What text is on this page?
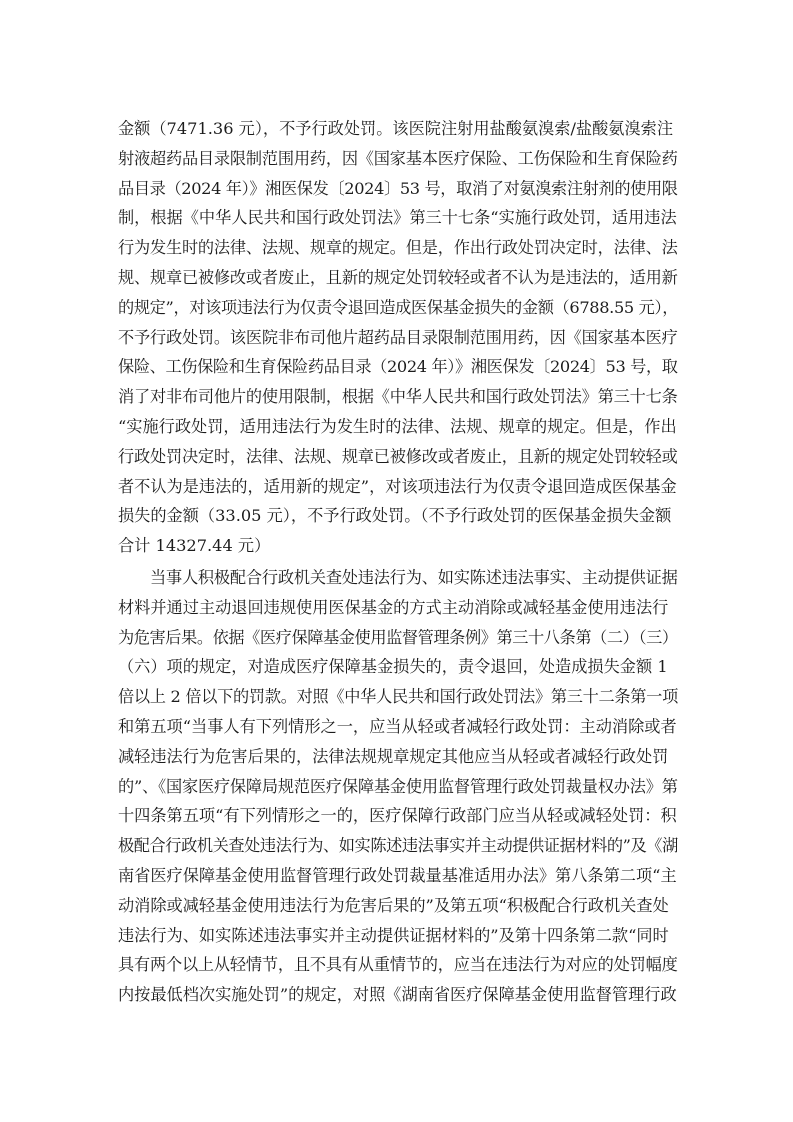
金额（7471.36 元），不予行政处罚。该医院注射用盐酸氨溴索/盐酸氨溴索注
射液超药品目录限制范围用药，因《国家基本医疗保险、工伤保险和生育保险药
品目录（2024 年）》湘医保发〔2024〕53 号，取消了对氨溴索注射剂的使用限
制，根据《中华人民共和国行政处罚法》第三十七条“实施行政处罚，适用违法
行为发生时的法律、法规、规章的规定。但是，作出行政处罚决定时，法律、法
规、规章已被修改或者废止，且新的规定处罚较轻或者不认为是违法的，适用新
的规定”，对该项违法行为仅责令退回造成医保基金损失的金额（6788.55 元），
不予行政处罚。该医院非布司他片超药品目录限制范围用药，因《国家基本医疗
保险、工伤保险和生育保险药品目录（2024 年）》湘医保发〔2024〕53 号，取
消了对非布司他片的使用限制，根据《中华人民共和国行政处罚法》第三十七条
“实施行政处罚，适用违法行为发生时的法律、法规、规章的规定。但是，作出
行政处罚决定时，法律、法规、规章已被修改或者废止，且新的规定处罚较轻或
者不认为是违法的，适用新的规定”，对该项违法行为仅责令退回造成医保基金
损失的金额（33.05 元），不予行政处罚。（不予行政处罚的医保基金损失金额
合计 14327.44 元）
　　当事人积极配合行政机关查处违法行为、如实陈述违法事实、主动提供证据
材料并通过主动退回违规使用医保基金的方式主动消除或减轻基金使用违法行
为危害后果。依据《医疗保障基金使用监督管理条例》第三十八条第（二）（三）
（六）项的规定，对造成医疗保障基金损失的，责令退回，处造成损失金额 1
倍以上 2 倍以下的罚款。对照《中华人民共和国行政处罚法》第三十二条第一项
和第五项“当事人有下列情形之一，应当从轻或者减轻行政处罚：主动消除或者
减轻违法行为危害后果的，法律法规规章规定其他应当从轻或者减轻行政处罚
的”、《国家医疗保障局规范医疗保障基金使用监督管理行政处罚裁量权办法》第
十四条第五项“有下列情形之一的，医疗保障行政部门应当从轻或减轻处罚：积
极配合行政机关查处违法行为、如实陈述违法事实并主动提供证据材料的”及《湖
南省医疗保障基金使用监督管理行政处罚裁量基准适用办法》第八条第二项“主
动消除或减轻基金使用违法行为危害后果的”及第五项“积极配合行政机关查处
违法行为、如实陈述违法事实并主动提供证据材料的”及第十四条第二款“同时
具有两个以上从轻情节，且不具有从重情节的，应当在违法行为对应的处罚幅度
内按最低档次实施处罚”的规定，对照《湖南省医疗保障基金使用监督管理行政
